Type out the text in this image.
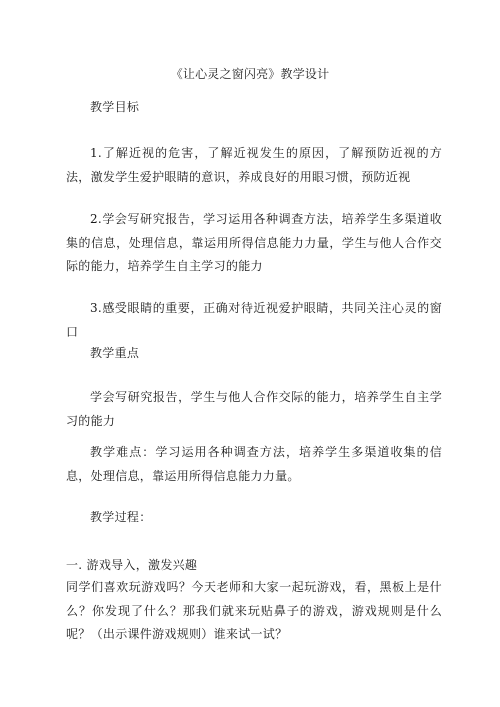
《让心灵之窗闪亮》教学设计

教学目标

1.了解近视的危害，了解近视发生的原因，了解预防近视的方法，激发学生爱护眼睛的意识，养成良好的用眼习惯，预防近视

2.学会写研究报告，学习运用各种调查方法，培养学生多渠道收集的信息，处理信息，靠运用所得信息能力力量，学生与他人合作交际的能力，培养学生自主学习的能力

3.感受眼睛的重要，正确对待近视爱护眼睛，共同关注心灵的窗口

教学重点

学会写研究报告，学生与他人合作交际的能力，培养学生自主学习的能力

教学难点：学习运用各种调查方法，培养学生多渠道收集的信息，处理信息，靠运用所得信息能力力量。

教学过程：

一. 游戏导入，激发兴趣

同学们喜欢玩游戏吗？今天老师和大家一起玩游戏，看，黑板上是什么？你发现了什么？那我们就来玩贴鼻子的游戏，游戏规则是什么呢？（出示课件游戏规则）谁来试一试？
